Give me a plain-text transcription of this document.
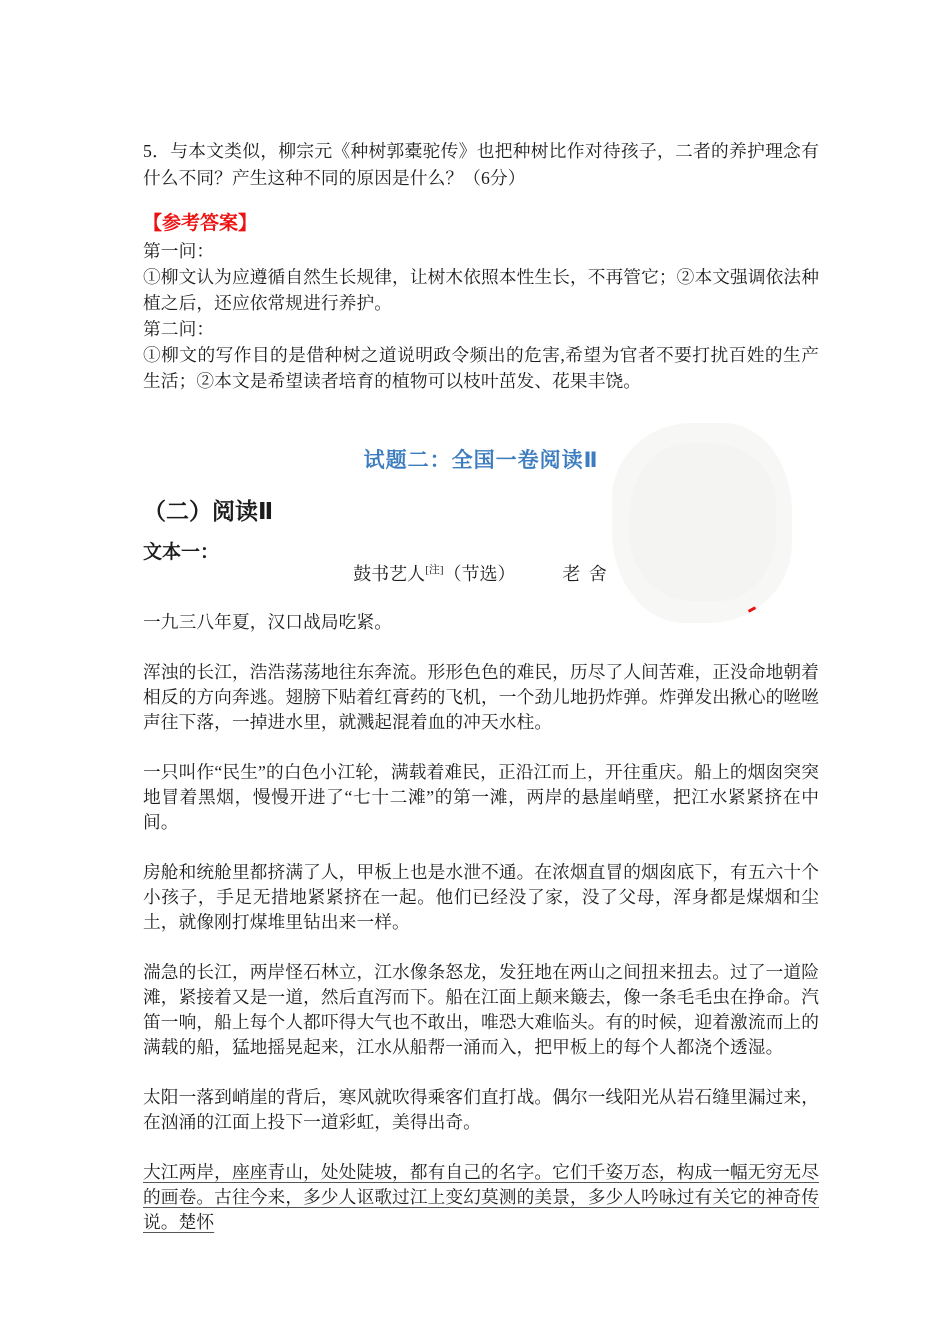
5．与本文类似，柳宗元《种树郭橐驼传》也把种树比作对待孩子，二者的养护理念有什么不同？产生这种不同的原因是什么？（6分）
【参考答案】

第一问：

①柳文认为应遵循自然生长规律，让树木依照本性生长，不再管它；②本文强调依法种植之后，还应依常规进行养护。

第二问：

①柳文的写作目的是借种树之道说明政令频出的危害,希望为官者不要打扰百姓的生产生活；②本文是希望读者培育的植物可以枝叶茁发、花果丰饶。

试题二：全国一卷阅读Ⅱ
（二）阅读Ⅱ
文本一：
鼓书艺人[注]（节选）	老 舍

一九三八年夏，汉口战局吃紧。

浑浊的长江，浩浩荡荡地往东奔流。形形色色的难民，历尽了人间苦难，正没命地朝着相反的方向奔逃。翅膀下贴着红膏药的飞机，一个劲儿地扔炸弹。炸弹发出揪心的咝咝声往下落，一掉进水里，就溅起混着血的冲天水柱。

一只叫作“民生”的白色小江轮，满载着难民，正沿江而上，开往重庆。船上的烟囱突突地冒着黑烟，慢慢开进了“七十二滩”的第一滩，两岸的悬崖峭壁，把江水紧紧挤在中间。

房舱和统舱里都挤满了人，甲板上也是水泄不通。在浓烟直冒的烟囱底下，有五六十个小孩子，手足无措地紧紧挤在一起。他们已经没了家，没了父母，浑身都是煤烟和尘土，就像刚打煤堆里钻出来一样。

湍急的长江，两岸怪石林立，江水像条怒龙，发狂地在两山之间扭来扭去。过了一道险滩，紧接着又是一道，然后直泻而下。船在江面上颠来簸去，像一条毛毛虫在挣命。汽笛一响，船上每个人都吓得大气也不敢出，唯恐大难临头。有的时候，迎着激流而上的满载的船，猛地摇晃起来，江水从船帮一涌而入，把甲板上的每个人都浇个透湿。

太阳一落到峭崖的背后，寒风就吹得乘客们直打战。偶尔一线阳光从岩石缝里漏过来，在汹涌的江面上投下一道彩虹，美得出奇。

大江两岸，座座青山，处处陡坡，都有自己的名字。它们千姿万态，构成一幅无穷无尽的画卷。古往今来，多少人讴歌过江上变幻莫测的美景，多少人吟咏过有关它的神奇传说。楚怀
